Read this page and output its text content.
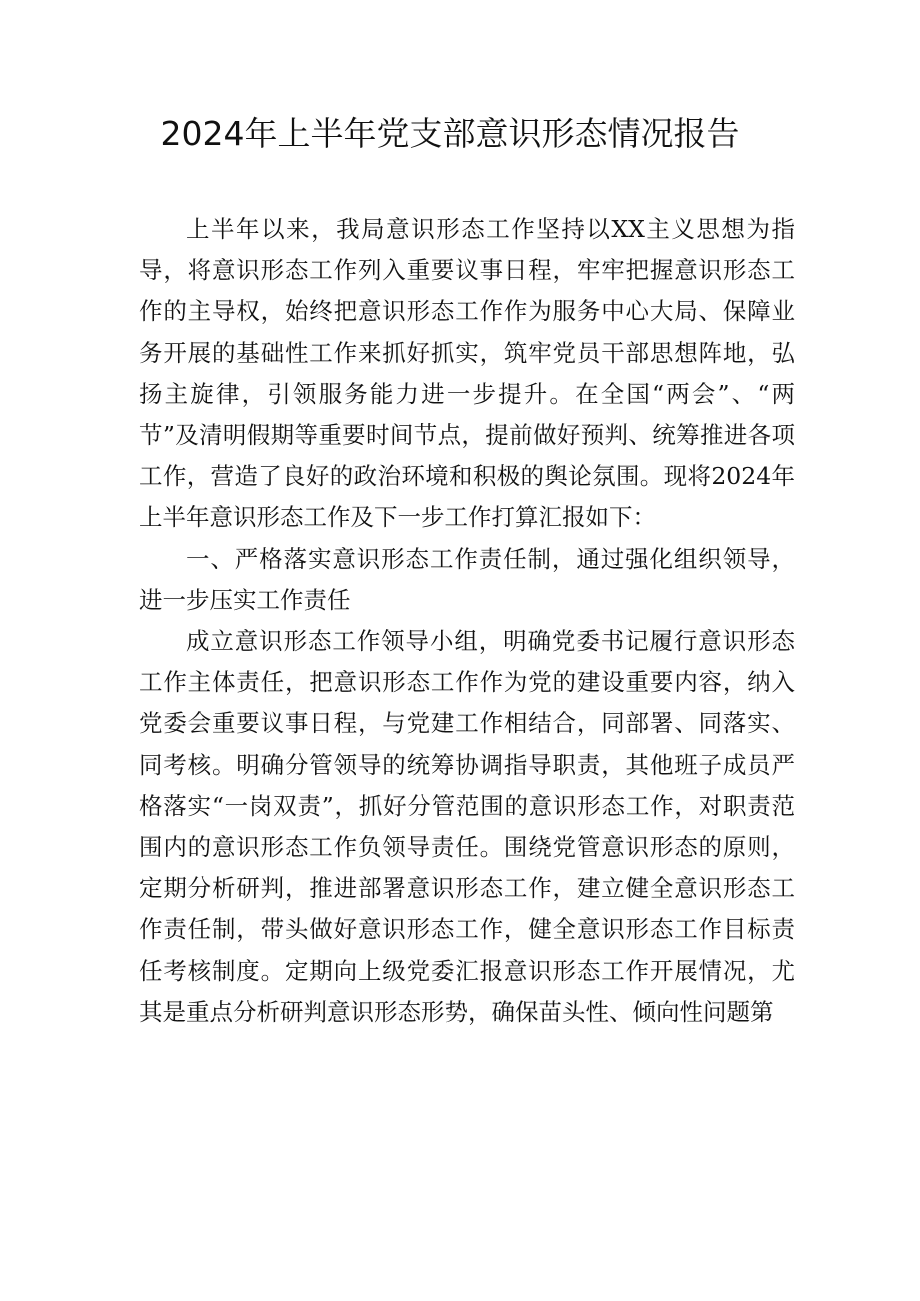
2024年上半年党支部意识形态情况报告

上半年以来，我局意识形态工作坚持以XX主义思想为指导，将意识形态工作列入重要议事日程，牢牢把握意识形态工作的主导权，始终把意识形态工作作为服务中心大局、保障业务开展的基础性工作来抓好抓实，筑牢党员干部思想阵地，弘扬主旋律，引领服务能力进一步提升。在全国“两会”、“两节”及清明假期等重要时间节点，提前做好预判、统筹推进各项工作，营造了良好的政治环境和积极的舆论氛围。现将2024年上半年意识形态工作及下一步工作打算汇报如下：

一、严格落实意识形态工作责任制，通过强化组织领导，进一步压实工作责任

成立意识形态工作领导小组，明确党委书记履行意识形态工作主体责任，把意识形态工作作为党的建设重要内容，纳入党委会重要议事日程，与党建工作相结合，同部署、同落实、同考核。明确分管领导的统筹协调指导职责，其他班子成员严格落实“一岗双责”，抓好分管范围的意识形态工作，对职责范围内的意识形态工作负领导责任。围绕党管意识形态的原则，定期分析研判，推进部署意识形态工作，建立健全意识形态工作责任制，带头做好意识形态工作，健全意识形态工作目标责任考核制度。定期向上级党委汇报意识形态工作开展情况，尤其是重点分析研判意识形态形势，确保苗头性、倾向性问题第
